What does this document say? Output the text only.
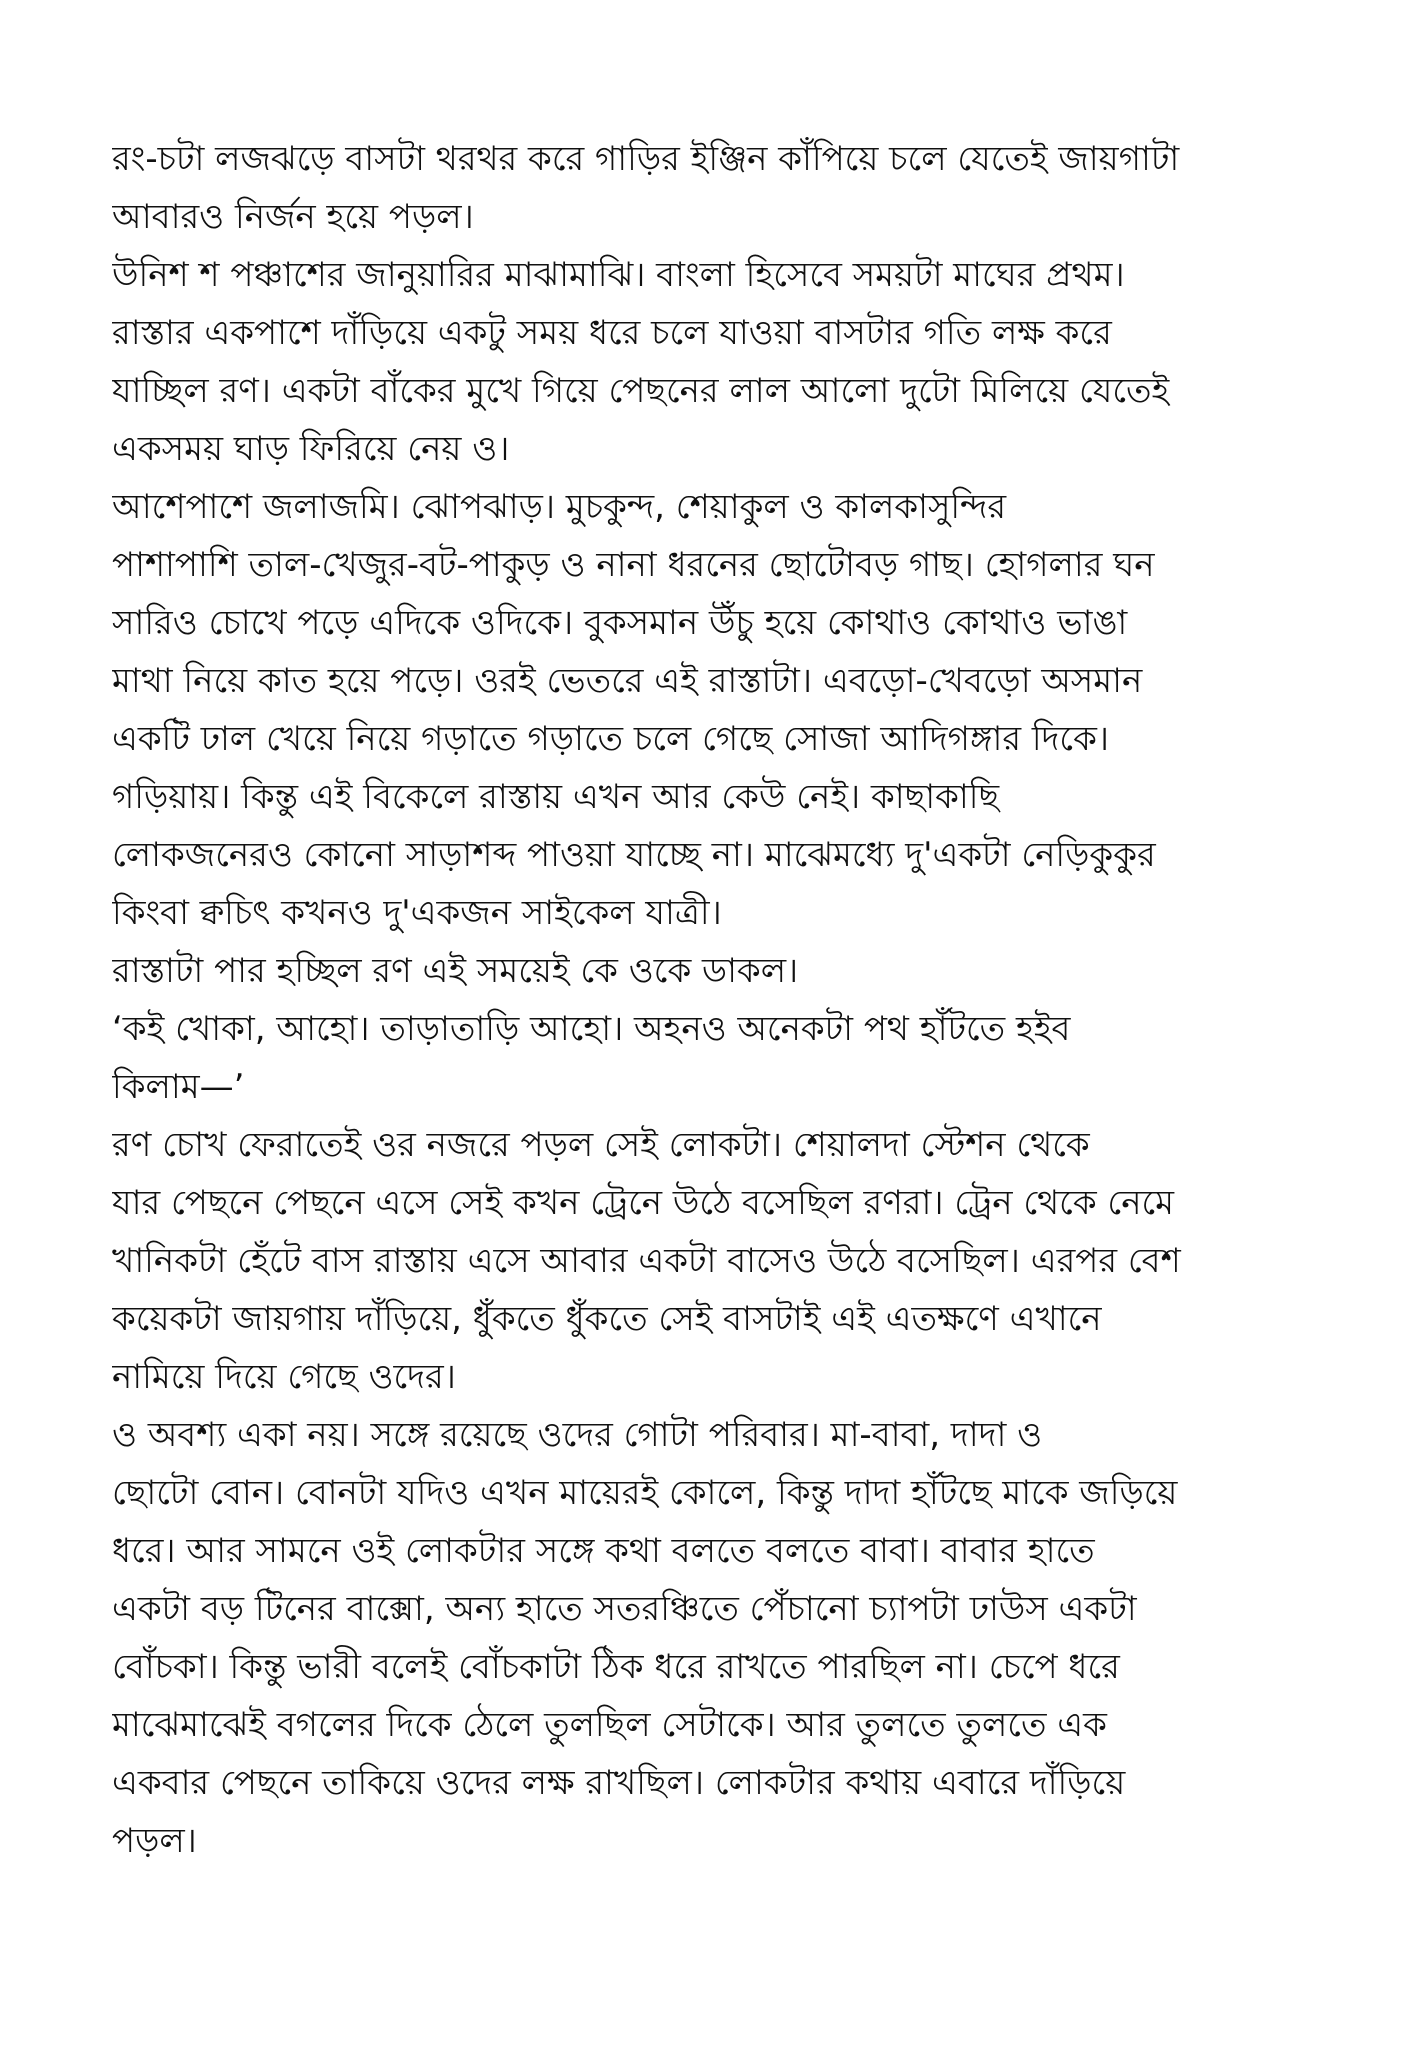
রং-চটা লজঝড়ে বাসটা থরথর করে গাড়ির ইঞ্জিন কাঁপিয়ে চলে যেতেই জায়গাটা
আবারও নির্জন হয়ে পড়ল।
উনিশ শ পঞ্চাশের জানুয়ারির মাঝামাঝি। বাংলা হিসেবে সময়টা মাঘের প্রথম।
রাস্তার একপাশে দাঁড়িয়ে একটু সময় ধরে চলে যাওয়া বাসটার গতি লক্ষ করে
যাচ্ছিল রণ। একটা বাঁকের মুখে গিয়ে পেছনের লাল আলো দুটো মিলিয়ে যেতেই
একসময় ঘাড় ফিরিয়ে নেয় ও।
আশেপাশে জলাজমি। ঝোপঝাড়। মুচকুন্দ, শেয়াকুল ও কালকাসুন্দির
পাশাপাশি তাল-খেজুর-বট-পাকুড় ও নানা ধরনের ছোটোবড় গাছ। হোগলার ঘন
সারিও চোখে পড়ে এদিকে ওদিকে। বুকসমান উঁচু হয়ে কোথাও কোথাও ভাঙা
মাথা নিয়ে কাত হয়ে পড়ে। ওরই ভেতরে এই রাস্তাটা। এবড়ো-খেবড়ো অসমান
একটি ঢাল খেয়ে নিয়ে গড়াতে গড়াতে চলে গেছে সোজা আদিগঙ্গার দিকে।
গড়িয়ায়। কিন্তু এই বিকেলে রাস্তায় এখন আর কেউ নেই। কাছাকাছি
লোকজনেরও কোনো সাড়াশব্দ পাওয়া যাচ্ছে না। মাঝেমধ্যে দু'একটা নেড়িকুকুর
কিংবা ক্বচিৎ কখনও দু'একজন সাইকেল যাত্রী।
রাস্তাটা পার হচ্ছিল রণ এই সময়েই কে ওকে ডাকল।
‘কই খোকা, আহো। তাড়াতাড়ি আহো। অহনও অনেকটা পথ হাঁটতে হইব
কিলাম—’
রণ চোখ ফেরাতেই ওর নজরে পড়ল সেই লোকটা। শেয়ালদা স্টেশন থেকে
যার পেছনে পেছনে এসে সেই কখন ট্রেনে উঠে বসেছিল রণরা। ট্রেন থেকে নেমে
খানিকটা হেঁটে বাস রাস্তায় এসে আবার একটা বাসেও উঠে বসেছিল। এরপর বেশ
কয়েকটা জায়গায় দাঁড়িয়ে, ধুঁকতে ধুঁকতে সেই বাসটাই এই এতক্ষণে এখানে
নামিয়ে দিয়ে গেছে ওদের।
ও অবশ্য একা নয়। সঙ্গে রয়েছে ওদের গোটা পরিবার। মা-বাবা, দাদা ও
ছোটো বোন। বোনটা যদিও এখন মায়েরই কোলে, কিন্তু দাদা হাঁটছে মাকে জড়িয়ে
ধরে। আর সামনে ওই লোকটার সঙ্গে কথা বলতে বলতে বাবা। বাবার হাতে
একটা বড় টিনের বাক্সো, অন্য হাতে সতরঞ্চিতে পেঁচানো চ্যাপটা ঢাউস একটা
বোঁচকা। কিন্তু ভারী বলেই বোঁচকাটা ঠিক ধরে রাখতে পারছিল না। চেপে ধরে
মাঝেমাঝেই বগলের দিকে ঠেলে তুলছিল সেটাকে। আর তুলতে তুলতে এক
একবার পেছনে তাকিয়ে ওদের লক্ষ রাখছিল। লোকটার কথায় এবারে দাঁড়িয়ে
পড়ল।
